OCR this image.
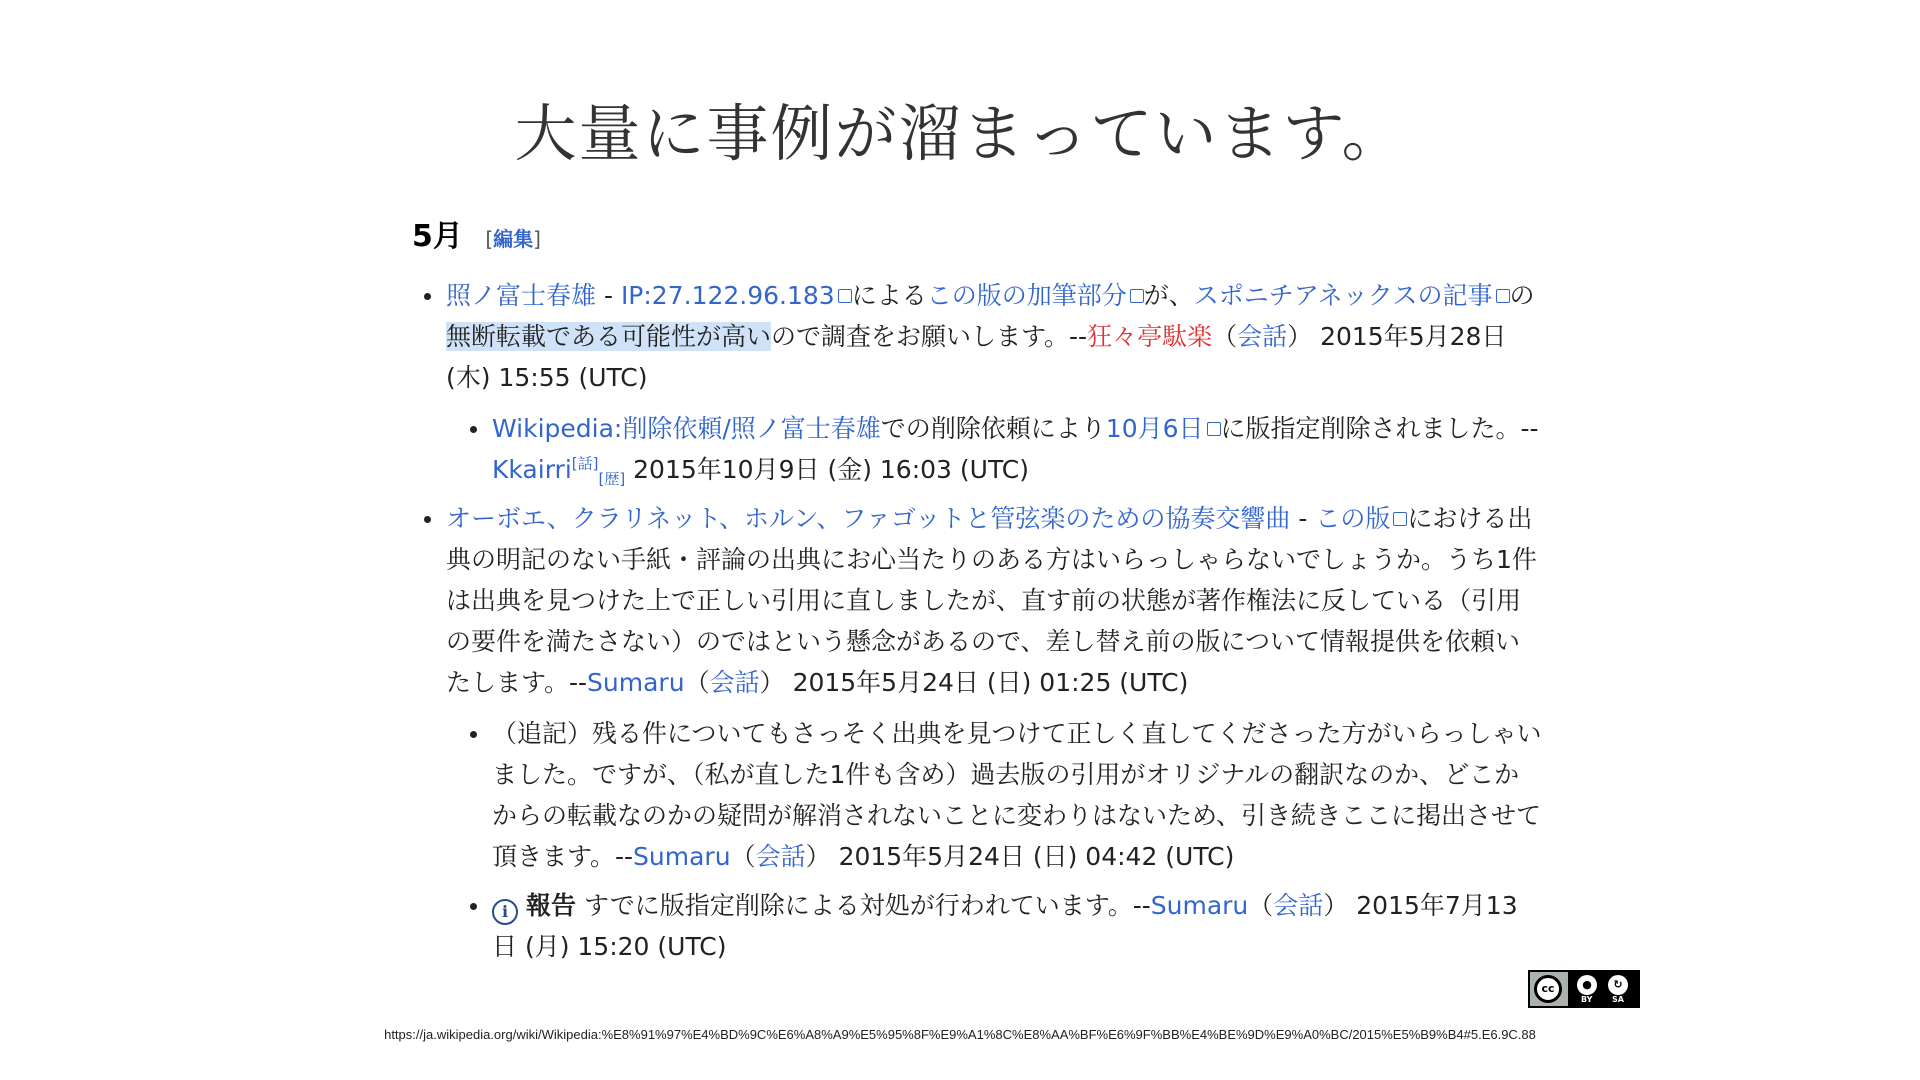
大量に事例が溜まっています。
5月 [編集]
照ノ富士春雄 - IP:27.122.96.183 によるこの版の加筆部分 が、スポニチアネックスの記事 の無断転載である可能性が高いので調査をお願いします。--狂々亭駄楽（会話） 2015年5月28日 (木) 15:55 (UTC)
Wikipedia:削除依頼/照ノ富士春雄での削除依頼により10月6日 に版指定削除されました。--Kkairri[話]$_{[歴]}$ 2015年10月9日 (金) 16:03 (UTC)
オーボエ、クラリネット、ホルン、ファゴットと管弦楽のための協奏交響曲 - この版 における出典の明記のない手紙・評論の出典にお心当たりのある方はいらっしゃらないでしょうか。うち1件は出典を見つけた上で正しい引用に直しましたが、直す前の状態が著作権法に反している（引用の要件を満たさない）のではという懸念があるので、差し替え前の版について情報提供を依頼いたします。--Sumaru（会話） 2015年5月24日 (日) 01:25 (UTC)
（追記）残る件についてもさっそく出典を見つけて正しく直してくださった方がいらっしゃいました。ですが、（私が直した1件も含め）過去版の引用がオリジナルの翻訳なのか、どこかからの転載なのかの疑問が解消されないことに変わりはないため、引き続きここに掲出させて頂きます。--Sumaru（会話） 2015年5月24日 (日) 04:42 (UTC)
i 報告 すでに版指定削除による対処が行われています。--Sumaru（会話） 2015年7月13日 (月) 15:20 (UTC)
cc	●	↻
BY SA
https://ja.wikipedia.org/wiki/Wikipedia:%E8%91%97%E4%BD%9C%E6%A8%A9%E5%95%8F%E9%A1%8C%E8%AA%BF%E6%9F%BB%E4%BE%9D%E9%A0%BC/2015%E5%B9%B4#5.E6.9C.88
